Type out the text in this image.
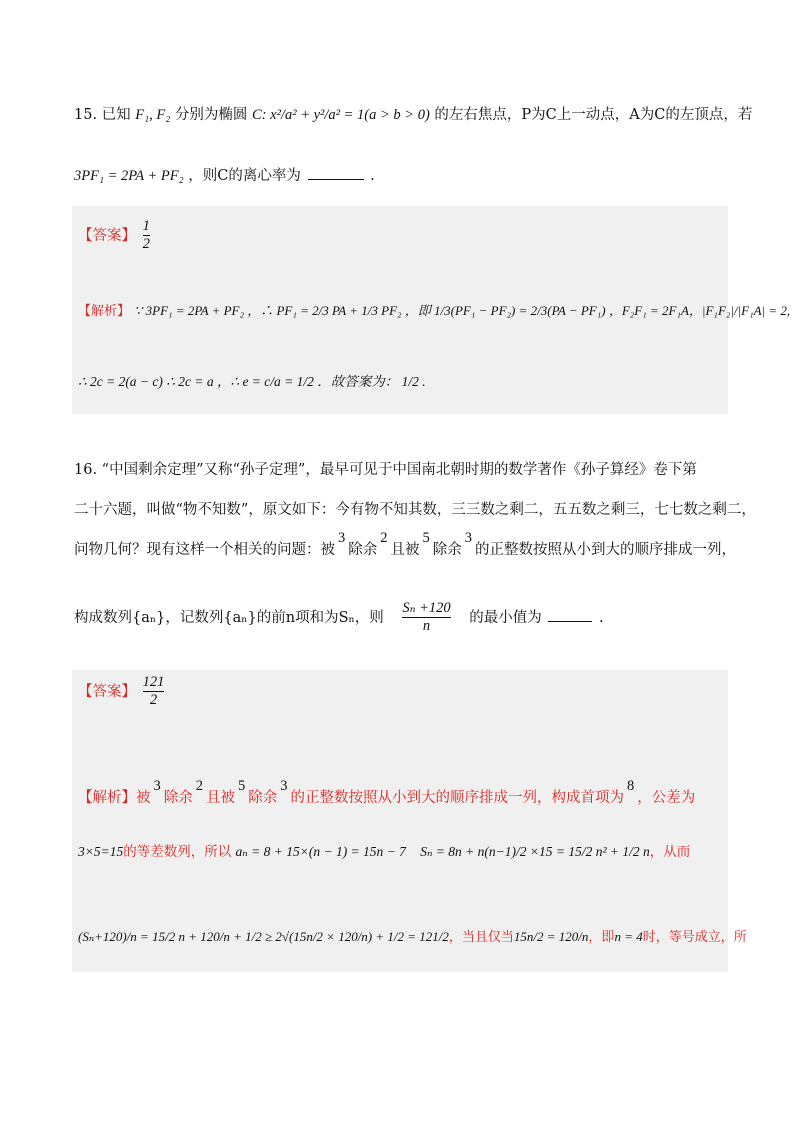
15. 已知 F₁, F₂ 分别为椭圆 C: x²/a² + y²/a² = 1(a > b > 0) 的左右焦点，P为C上一动点，A为C的左顶点，若
3PF₁ = 2PA + PF₂ ，则C的离心率为	.
【答案】 $\frac{1}{2}$
【解析】 ∵ 3PF₁ = 2PA + PF₂ ，∴ PF₁ = 2/3 PA + 1/3 PF₂ ，即 1/3(PF₁ − PF₂) = 2/3(PA − PF₁) ，F₂F₁ = 2F₁A，|F₁F₂|/|F₁A| = 2,
∴ 2c = 2(a − c) ∴ 2c = a ，∴ e = c/a = 1/2 ．故答案为： 1/2 .
16. “中国剩余定理”又称“孙子定理”，最早可见于中国南北朝时期的数学著作《孙子算经》卷下第
二十六题，叫做“物不知数”，原文如下：今有物不知其数，三三数之剩二，五五数之剩三，七七数之剩二，
问物几何？现有这样一个相关的问题：被3除余2且被5除余3的正整数按照从小到大的顺序排成一列，
构成数列{aₙ}，记数列{aₙ}的前n项和为Sₙ，则 $\frac{\text{Sₙ +120}}{n}$ 的最小值为	.
【答案】 $\frac{121}{2}$
【解析】被3除余2且被5除余3的正整数按照从小到大的顺序排成一列，构成首项为8，公差为
3×5=15的等差数列，所以 aₙ = 8 + 15×(n − 1) = 15n − 7 Sₙ = 8n + n(n−1)/2 ×15 = 15/2 n² + 1/2 n，从而
(Sₙ+120)/n = 15/2 n + 120/n + 1/2 ≥ 2√(15n/2 × 120/n) + 1/2 = 121/2，当且仅当15n/2 = 120/n，即n = 4时，等号成立，所
